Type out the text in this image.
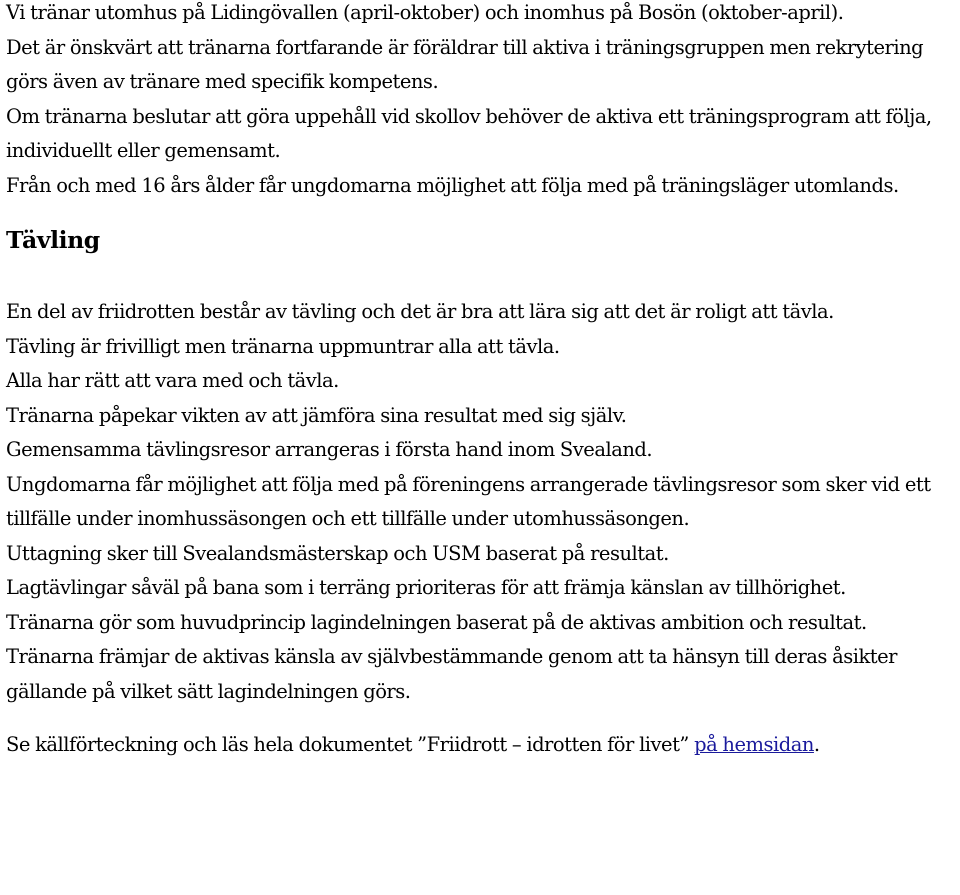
Vi tränar utomhus på Lidingövallen (april-oktober) och inomhus på Bosön (oktober-april).

Det är önskvärt att tränarna fortfarande är föräldrar till aktiva i träningsgruppen men rekrytering görs även av tränare med specifik kompetens.

Om tränarna beslutar att göra uppehåll vid skollov behöver de aktiva ett träningsprogram att följa, individuellt eller gemensamt.

Från och med 16 års ålder får ungdomarna möjlighet att följa med på träningsläger utomlands.

Tävling

En del av friidrotten består av tävling och det är bra att lära sig att det är roligt att tävla.

Tävling är frivilligt men tränarna uppmuntrar alla att tävla.

Alla har rätt att vara med och tävla.

Tränarna påpekar vikten av att jämföra sina resultat med sig själv.

Gemensamma tävlingsresor arrangeras i första hand inom Svealand.

Ungdomarna får möjlighet att följa med på föreningens arrangerade tävlingsresor som sker vid ett tillfälle under inomhussäsongen och ett tillfälle under utomhussäsongen.

Uttagning sker till Svealandsmästerskap och USM baserat på resultat.

Lagtävlingar såväl på bana som i terräng prioriteras för att främja känslan av tillhörighet.

Tränarna gör som huvudprincip lagindelningen baserat på de aktivas ambition och resultat. Tränarna främjar de aktivas känsla av självbestämmande genom att ta hänsyn till deras åsikter gällande på vilket sätt lagindelningen görs.

Se källförteckning och läs hela dokumentet ”Friidrott – idrotten för livet” på hemsidan.
